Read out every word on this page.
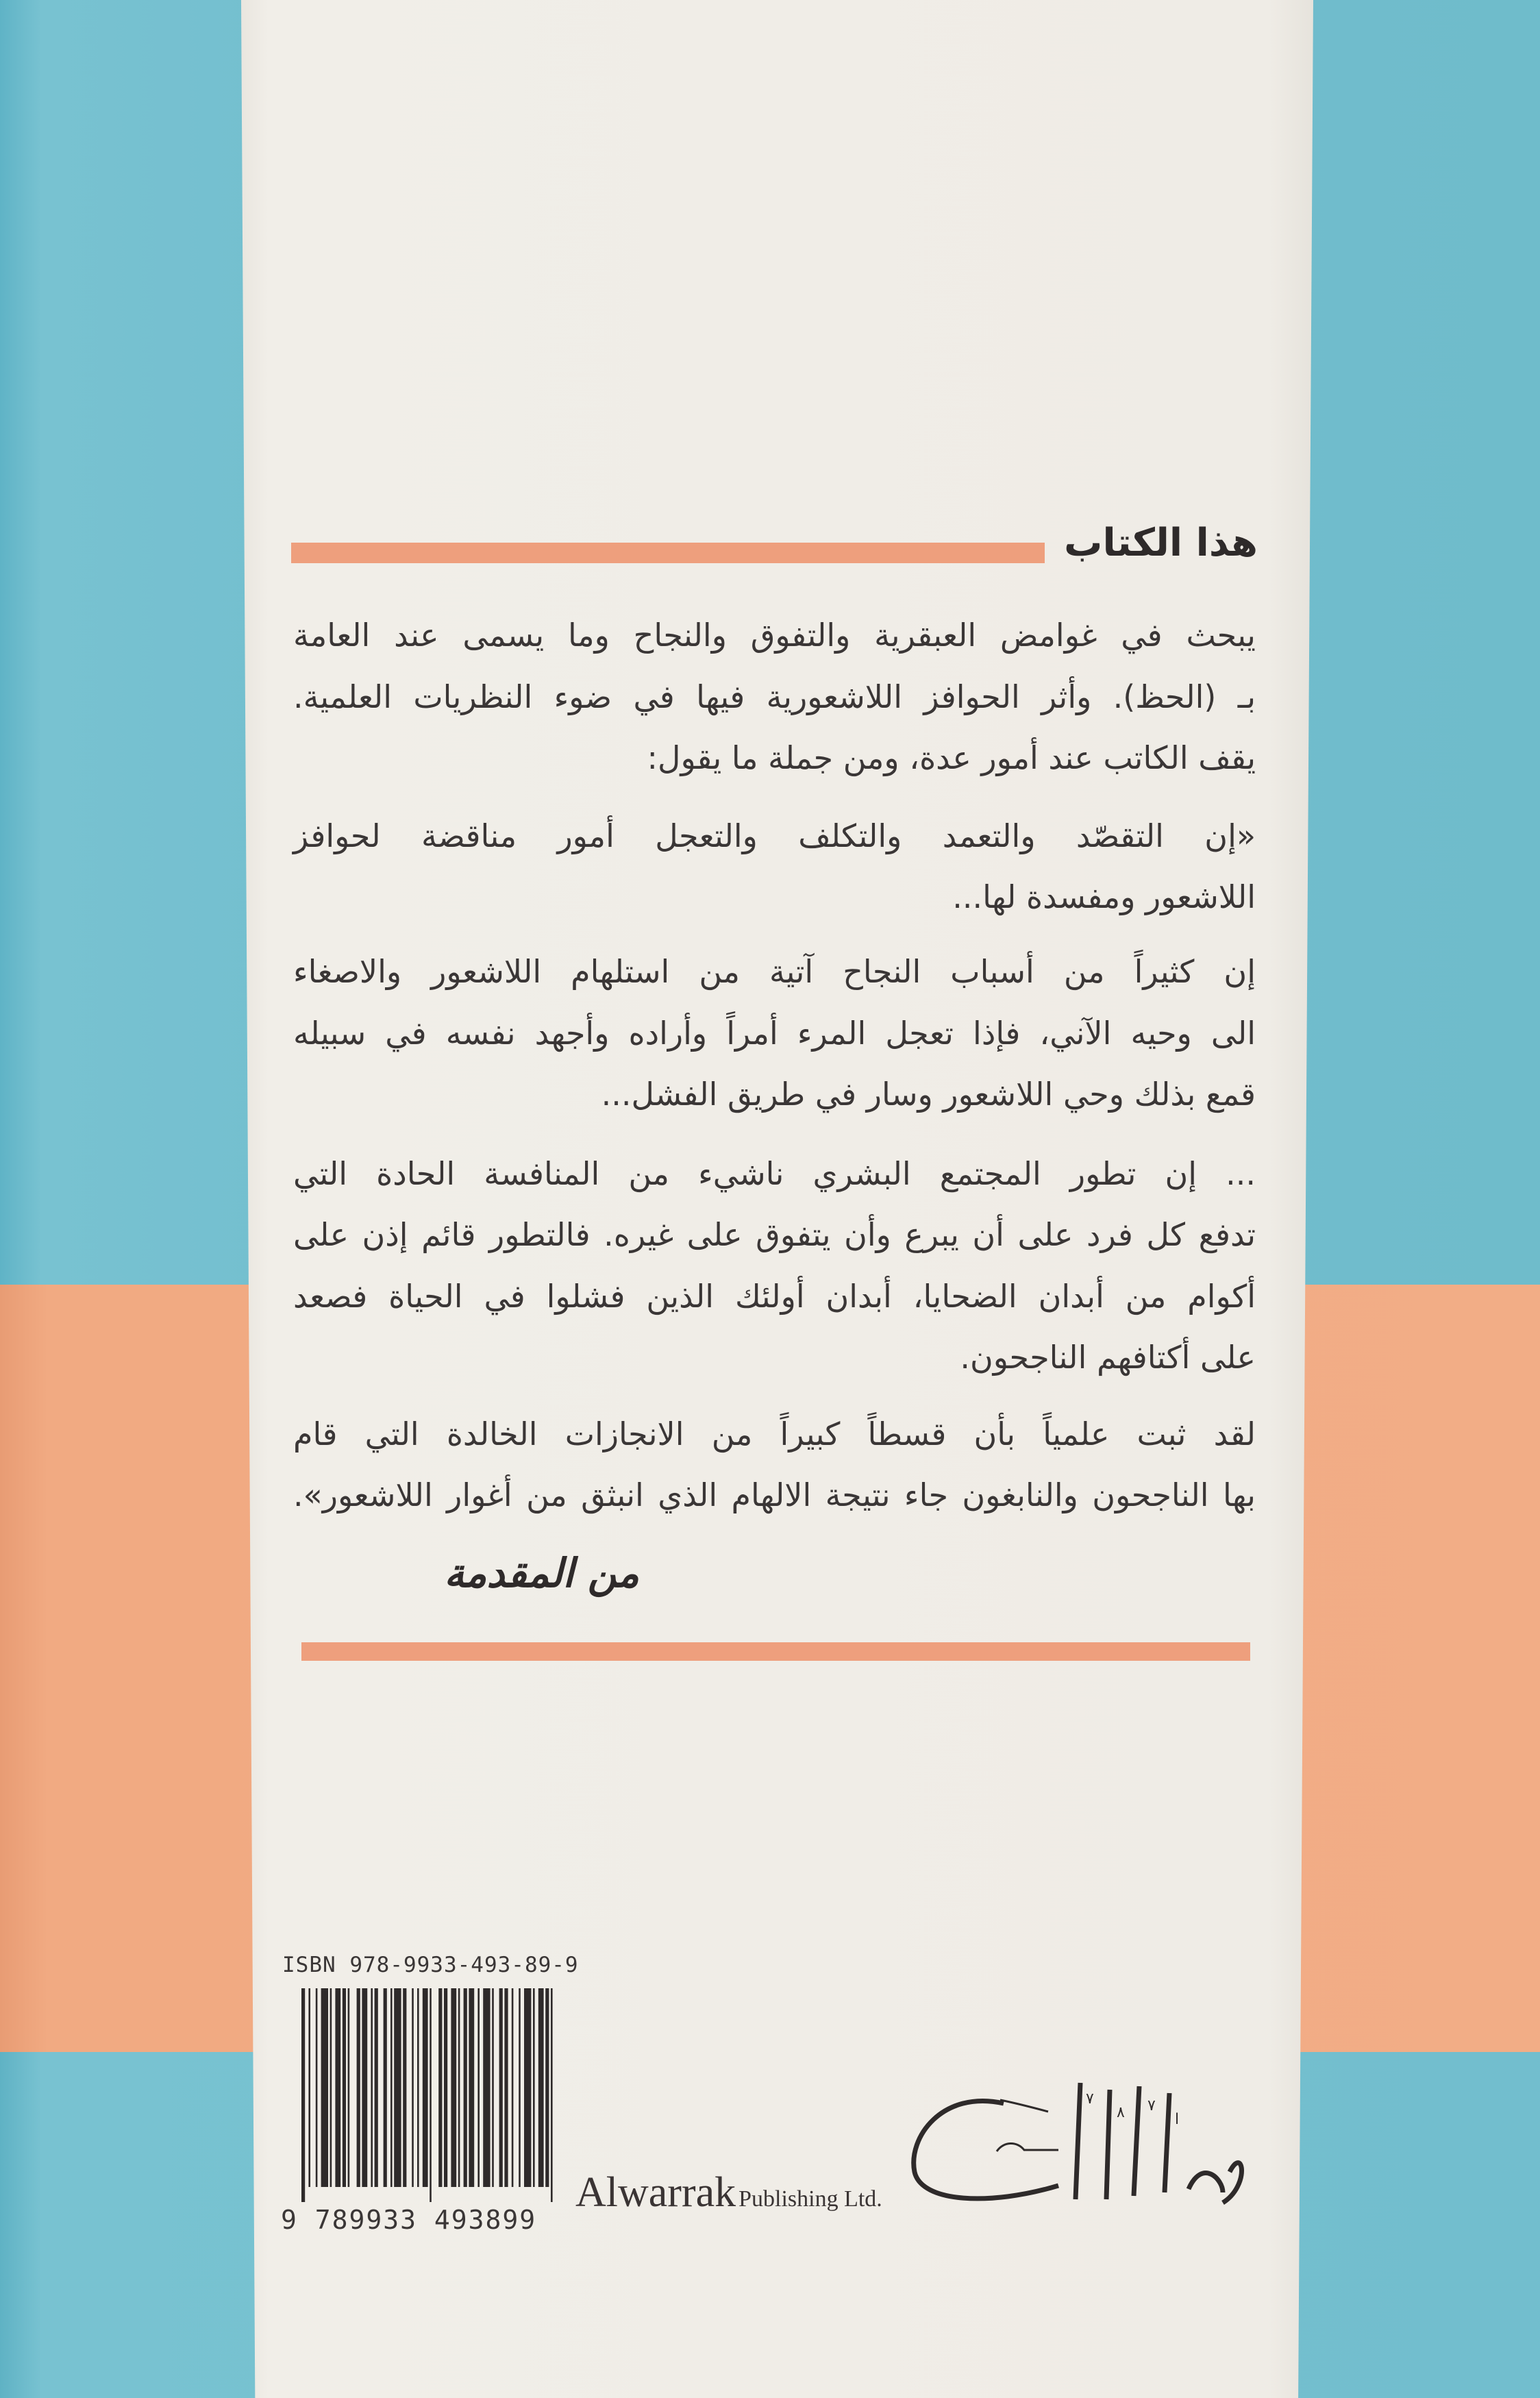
هذا الكتاب
يبحث في غوامض العبقرية والتفوق والنجاح وما يسمى عند العامة
بـ (الحظ). وأثر الحوافز اللاشعورية فيها في ضوء النظريات العلمية.
يقف الكاتب عند أمور عدة، ومن جملة ما يقول:
«إن التقصّد والتعمد والتكلف والتعجل أمور مناقضة لحوافز
اللاشعور ومفسدة لها...
إن كثيراً من أسباب النجاح آتية من استلهام اللاشعور والاصغاء
الى وحيه الآني، فإذا تعجل المرء أمراً وأراده وأجهد نفسه في سبيله
قمع بذلك وحي اللاشعور وسار في طريق الفشل...
... إن تطور المجتمع البشري ناشيء من المنافسة الحادة التي
تدفع كل فرد على أن يبرع وأن يتفوق على غيره. فالتطور قائم إذن على
أكوام من أبدان الضحايا، أبدان أولئك الذين فشلوا في الحياة فصعد
على أكتافهم الناجحون.
لقد ثبت علمياً بأن قسطاً كبيراً من الانجازات الخالدة التي قام
بها الناجحون والنابغون جاء نتيجة الالهام الذي انبثق من أغوار اللاشعور».
من المقدمة
ISBN 978-9933-493-89-9
9 789933 493899
Alwarrak Publishing Ltd.
٧
٨ ٧
ا
